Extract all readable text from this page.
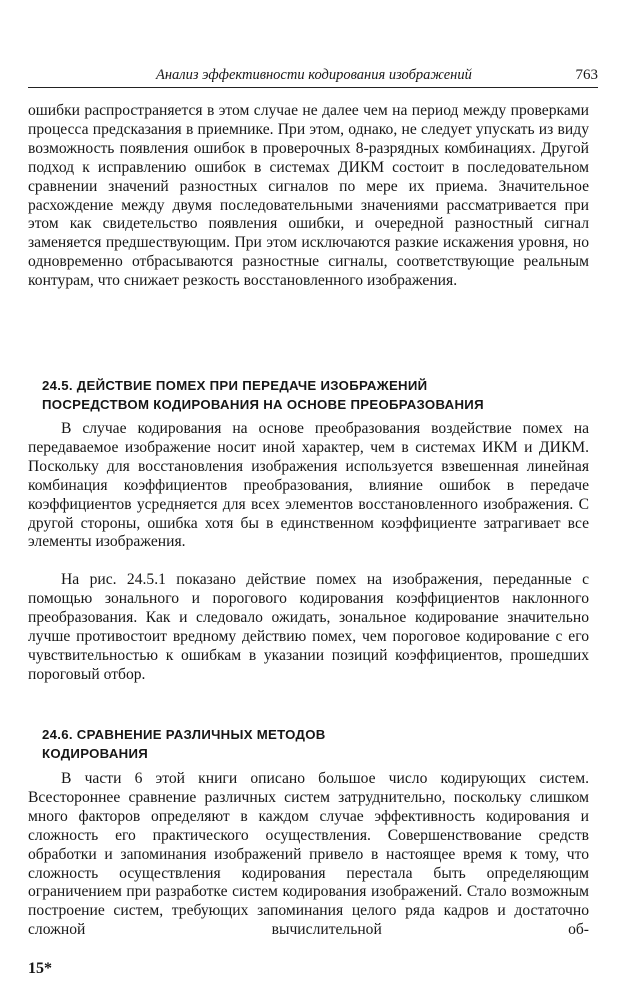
Анализ эффективности кодирования изображений	763

ошибки распространяется в этом случае не далее чем на период между проверками процесса предсказания в приемнике. При этом, однако, не следует упускать из виду возможность появления ошибок в проверочных 8-разрядных комбинациях. Другой подход к исправлению ошибок в системах ДИКМ состоит в последовательном сравнении значений разностных сигналов по мере их приема. Значительное расхождение между двумя последовательными значениями рассматривается при этом как свидетельство появления ошибки, и очередной разностный сигнал заменяется предшествующим. При этом исключаются разкие искажения уровня, но одновременно отбрасываются разностные сигналы, соответствующие реальным контурам, что снижает резкость восстановленного изображения.

24.5. ДЕЙСТВИЕ ПОМЕХ ПРИ ПЕРЕДАЧЕ ИЗОБРАЖЕНИЙ
ПОСРЕДСТВОМ КОДИРОВАНИЯ НА ОСНОВЕ ПРЕОБРАЗОВАНИЯ

В случае кодирования на основе преобразования воздействие помех на передаваемое изображение носит иной характер, чем в системах ИКМ и ДИКМ. Поскольку для восстановления изображения используется взвешенная линейная комбинация коэффициентов преобразования, влияние ошибок в передаче коэффициентов усредняется для всех элементов восстановленного изображения. С другой стороны, ошибка хотя бы в единственном коэффициенте затрагивает все элементы изображения.

На рис. 24.5.1 показано действие помех на изображения, переданные с помощью зонального и порогового кодирования коэффициентов наклонного преобразования. Как и следовало ожидать, зональное кодирование значительно лучше противостоит вредному действию помех, чем пороговое кодирование с его чувствительностью к ошибкам в указании позиций коэффициентов, прошедших пороговый отбор.

24.6. СРАВНЕНИЕ РАЗЛИЧНЫХ МЕТОДОВ
КОДИРОВАНИЯ

В части 6 этой книги описано большое число кодирующих систем. Всестороннее сравнение различных систем затруднительно, поскольку слишком много факторов определяют в каждом случае эффективность кодирования и сложность его практического осуществления. Совершенствование средств обработки и запоминания изображений привело в настоящее время к тому, что сложность осуществления кодирования перестала быть определяющим ограничением при разработке систем кодирования изображений. Стало возможным построение систем, требующих запоминания целого ряда кадров и достаточно сложной вычислительной об-

15*
